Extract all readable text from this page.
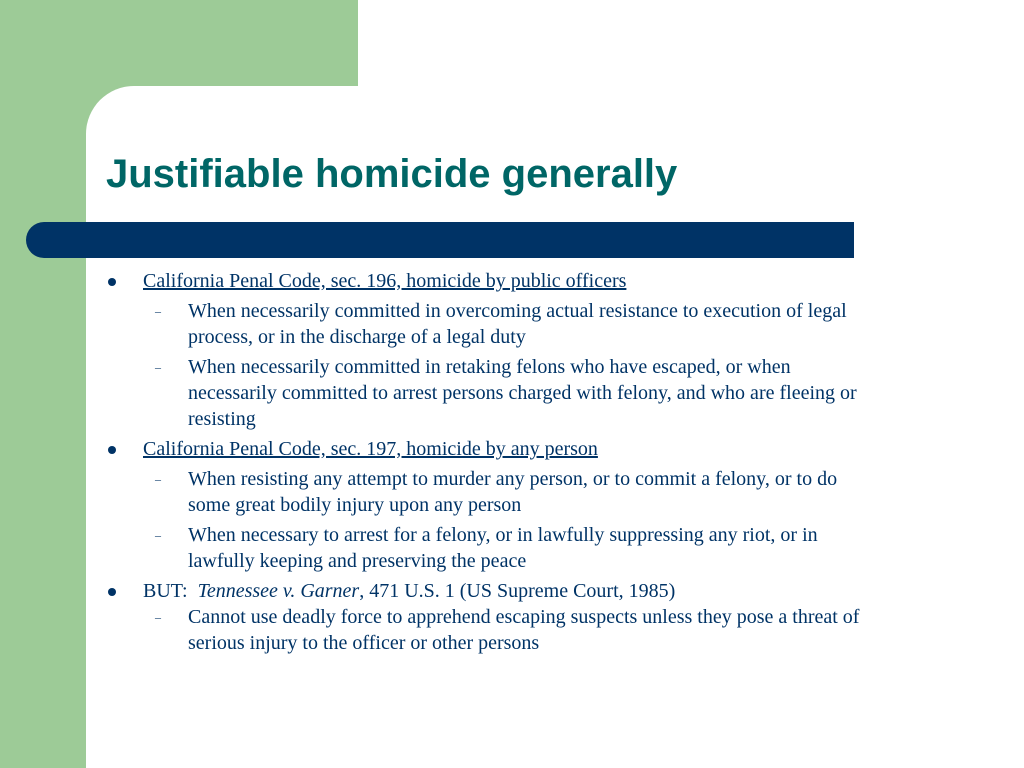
Justifiable homicide generally
California Penal Code, sec. 196, homicide by public officers
– When necessarily committed in overcoming actual resistance to execution of legal process, or in the discharge of a legal duty
– When necessarily committed in retaking felons who have escaped, or when necessarily committed to arrest persons charged with felony, and who are fleeing or resisting
California Penal Code, sec. 197, homicide by any person
– When resisting any attempt to murder any person, or to commit a felony, or to do some great bodily injury upon any person
– When necessary to arrest for a felony, or in lawfully suppressing any riot, or in lawfully keeping and preserving the peace
BUT:  Tennessee v. Garner, 471 U.S. 1 (US Supreme Court, 1985)
– Cannot use deadly force to apprehend escaping suspects unless they pose a threat of serious injury to the officer or other persons
